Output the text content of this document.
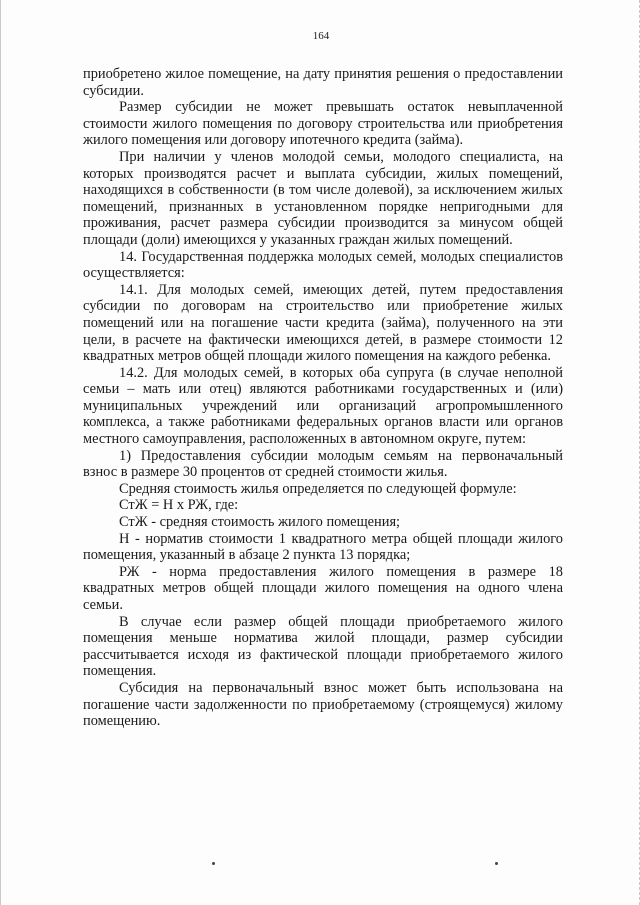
164

приобретено жилое помещение, на дату принятия решения о предоставлении субсидии.

Размер субсидии не может превышать остаток невыплаченной стоимости жилого помещения по договору строительства или приобретения жилого помещения или договору ипотечного кредита (займа).

При наличии у членов молодой семьи, молодого специалиста, на которых производятся расчет и выплата субсидии, жилых помещений, находящихся в собственности (в том числе долевой), за исключением жилых помещений, признанных в установленном порядке непригодными для проживания, расчет размера субсидии производится за минусом общей площади (доли) имеющихся у указанных граждан жилых помещений.

14. Государственная поддержка молодых семей, молодых специалистов осуществляется:

14.1. Для молодых семей, имеющих детей, путем предоставления субсидии по договорам на строительство или приобретение жилых помещений или на погашение части кредита (займа), полученного на эти цели, в расчете на фактически имеющихся детей, в размере стоимости 12 квадратных метров общей площади жилого помещения на каждого ребенка.

14.2. Для молодых семей, в которых оба супруга (в случае неполной семьи – мать или отец) являются работниками государственных и (или) муниципальных учреждений или организаций агропромышленного комплекса, а также работниками федеральных органов власти или органов местного самоуправления, расположенных в автономном округе, путем:

1) Предоставления субсидии молодым семьям на первоначальный взнос в размере 30 процентов от средней стоимости жилья.

Средняя стоимость жилья определяется по следующей формуле:

СтЖ = Н х РЖ, где:

СтЖ - средняя стоимость жилого помещения;

Н - норматив стоимости 1 квадратного метра общей площади жилого помещения, указанный в абзаце 2 пункта 13 порядка;

РЖ - норма предоставления жилого помещения в размере 18 квадратных метров общей площади жилого помещения на одного члена семьи.

В случае если размер общей площади приобретаемого жилого помещения меньше норматива жилой площади, размер субсидии рассчитывается исходя из фактической площади приобретаемого жилого помещения.

Субсидия на первоначальный взнос может быть использована на погашение части задолженности по приобретаемому (строящемуся) жилому помещению.
